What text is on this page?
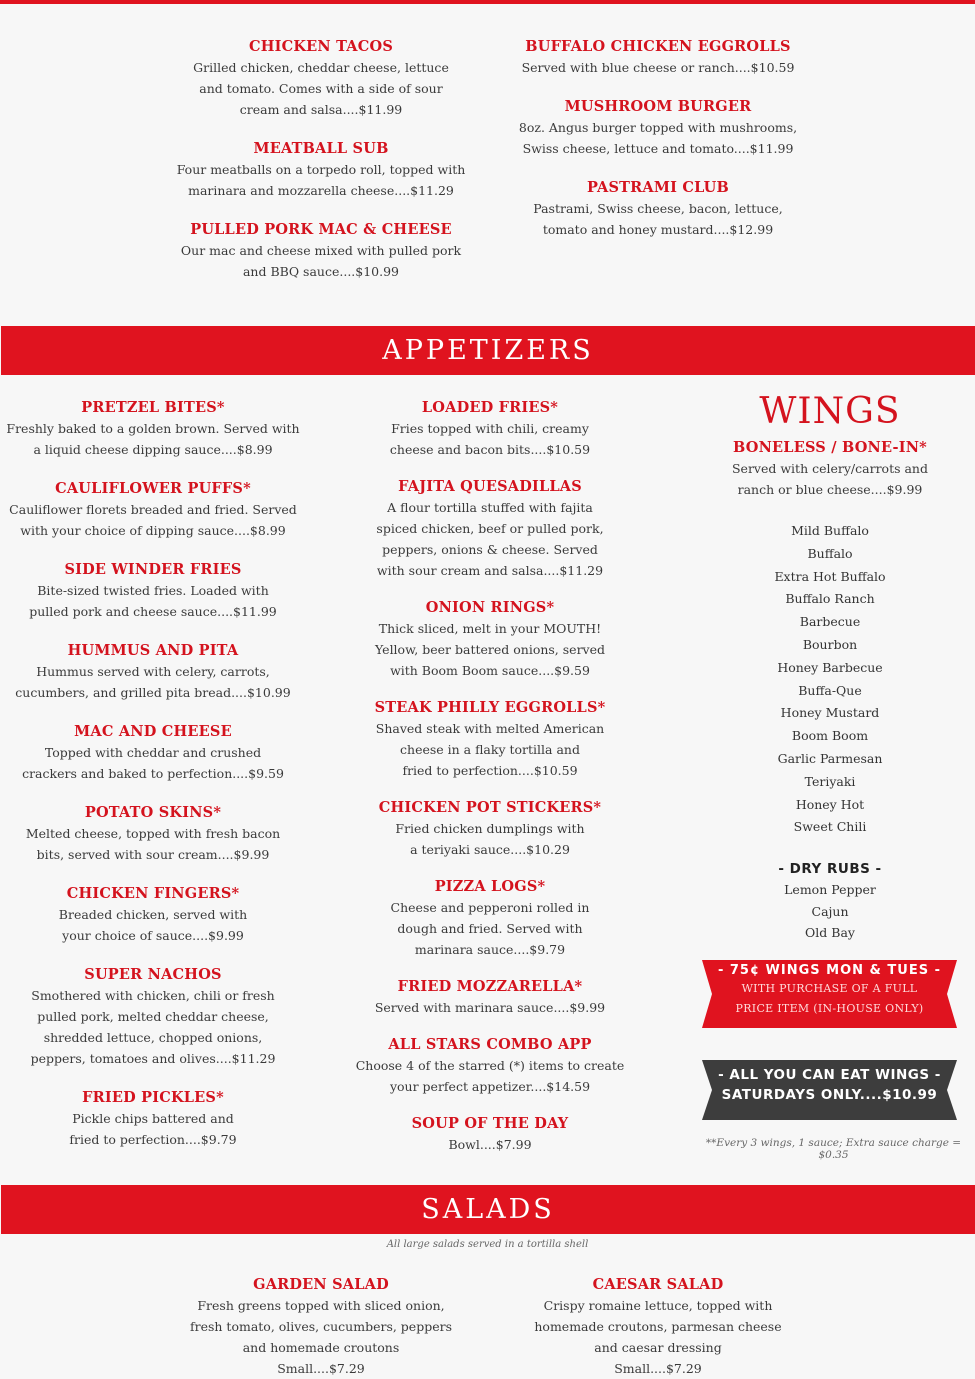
CHICKEN TACOS
Grilled chicken, cheddar cheese, lettuce
and tomato. Comes with a side of sour
cream and salsa....$11.99
MEATBALL SUB
Four meatballs on a torpedo roll, topped with
marinara and mozzarella cheese....$11.29
PULLED PORK MAC & CHEESE
Our mac and cheese mixed with pulled pork
and BBQ sauce....$10.99
BUFFALO CHICKEN EGGROLLS
Served with blue cheese or ranch....$10.59
MUSHROOM BURGER
8oz. Angus burger topped with mushrooms,
Swiss cheese, lettuce and tomato....$11.99
PASTRAMI CLUB
Pastrami, Swiss cheese, bacon, lettuce,
tomato and honey mustard....$12.99
APPETIZERS
PRETZEL BITES*
Freshly baked to a golden brown. Served with
a liquid cheese dipping sauce....$8.99
CAULIFLOWER PUFFS*
Cauliflower florets breaded and fried. Served
with your choice of dipping sauce....$8.99
SIDE WINDER FRIES
Bite-sized twisted fries. Loaded with
pulled pork and cheese sauce....$11.99
HUMMUS AND PITA
Hummus served with celery, carrots,
cucumbers, and grilled pita bread....$10.99
MAC AND CHEESE
Topped with cheddar and crushed
crackers and baked to perfection....$9.59
POTATO SKINS*
Melted cheese, topped with fresh bacon
bits, served with sour cream....$9.99
CHICKEN FINGERS*
Breaded chicken, served with
your choice of sauce....$9.99
SUPER NACHOS
Smothered with chicken, chili or fresh
pulled pork, melted cheddar cheese,
shredded lettuce, chopped onions,
peppers, tomatoes and olives....$11.29
FRIED PICKLES*
Pickle chips battered and
fried to perfection....$9.79
LOADED FRIES*
Fries topped with chili, creamy
cheese and bacon bits....$10.59
FAJITA QUESADILLAS
A flour tortilla stuffed with fajita
spiced chicken, beef or pulled pork,
peppers, onions & cheese. Served
with sour cream and salsa....$11.29
ONION RINGS*
Thick sliced, melt in your MOUTH!
Yellow, beer battered onions, served
with Boom Boom sauce....$9.59
STEAK PHILLY EGGROLLS*
Shaved steak with melted American
cheese in a flaky tortilla and
fried to perfection....$10.59
CHICKEN POT STICKERS*
Fried chicken dumplings with
a teriyaki sauce....$10.29
PIZZA LOGS*
Cheese and pepperoni rolled in
dough and fried. Served with
marinara sauce....$9.79
FRIED MOZZARELLA*
Served with marinara sauce....$9.99
ALL STARS COMBO APP
Choose 4 of the starred (*) items to create
your perfect appetizer....$14.59
SOUP OF THE DAY
Bowl....$7.99
WINGS
BONELESS / BONE-IN*
Served with celery/carrots and
ranch or blue cheese....$9.99
Mild Buffalo
Buffalo
Extra Hot Buffalo
Buffalo Ranch
Barbecue
Bourbon
Honey Barbecue
Buffa-Que
Honey Mustard
Boom Boom
Garlic Parmesan
Teriyaki
Honey Hot
Sweet Chili
- DRY RUBS -
Lemon Pepper
Cajun
Old Bay
- 75¢ WINGS MON & TUES -
WITH PURCHASE OF A FULL
PRICE ITEM (IN-HOUSE ONLY)
- ALL YOU CAN EAT WINGS -
SATURDAYS ONLY....$10.99
**Every 3 wings, 1 sauce; Extra sauce charge = $0.35
SALADS
All large salads served in a tortilla shell
GARDEN SALAD
Fresh greens topped with sliced onion,
fresh tomato, olives, cucumbers, peppers
and homemade croutons
Small....$7.29
CAESAR SALAD
Crispy romaine lettuce, topped with
homemade croutons, parmesan cheese
and caesar dressing
Small....$7.29
